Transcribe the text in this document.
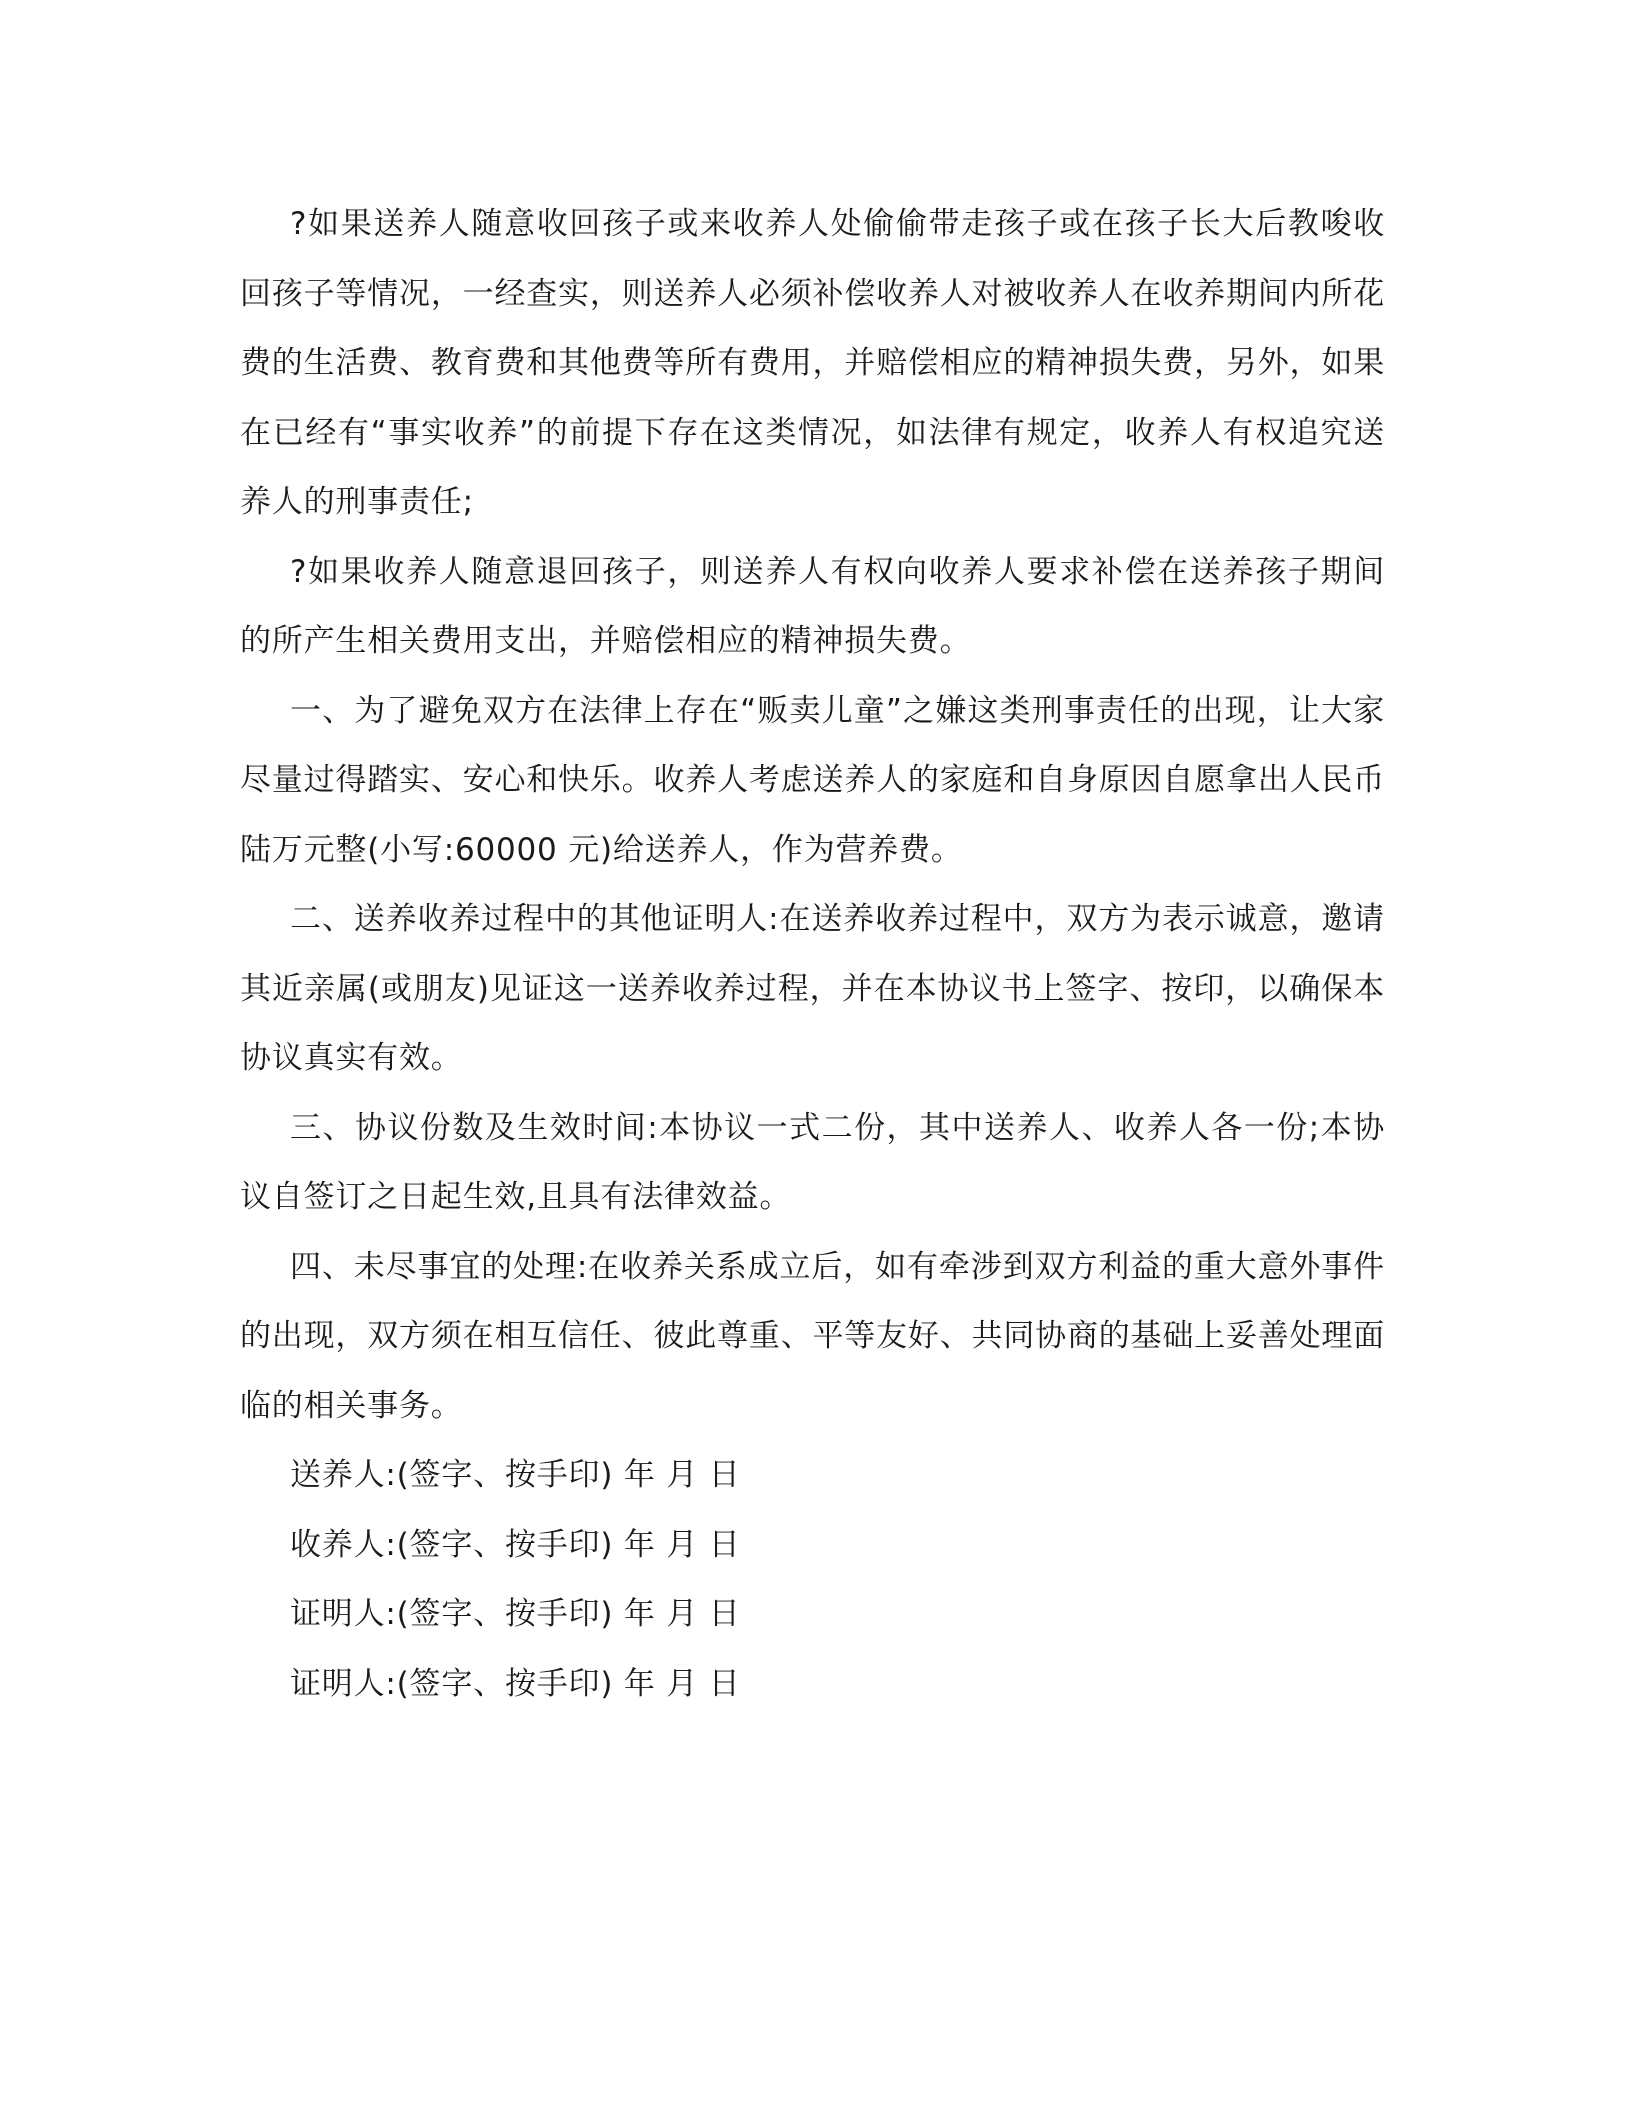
?如果送养人随意收回孩子或来收养人处偷偷带走孩子或在孩子长大后教唆收回孩子等情况，一经查实，则送养人必须补偿收养人对被收养人在收养期间内所花费的生活费、教育费和其他费等所有费用，并赔偿相应的精神损失费，另外，如果在已经有“事实收养”的前提下存在这类情况，如法律有规定，收养人有权追究送养人的刑事责任;

?如果收养人随意退回孩子，则送养人有权向收养人要求补偿在送养孩子期间的所产生相关费用支出，并赔偿相应的精神损失费。

一、为了避免双方在法律上存在“贩卖儿童”之嫌这类刑事责任的出现，让大家尽量过得踏实、安心和快乐。收养人考虑送养人的家庭和自身原因自愿拿出人民币陆万元整(小写:60000 元)给送养人，作为营养费。

二、送养收养过程中的其他证明人:在送养收养过程中，双方为表示诚意，邀请其近亲属(或朋友)见证这一送养收养过程，并在本协议书上签字、按印，以确保本协议真实有效。

三、协议份数及生效时间:本协议一式二份，其中送养人、收养人各一份;本协议自签订之日起生效,且具有法律效益。

四、未尽事宜的处理:在收养关系成立后，如有牵涉到双方利益的重大意外事件的出现，双方须在相互信任、彼此尊重、平等友好、共同协商的基础上妥善处理面临的相关事务。

送养人:(签字、按手印) 年 月 日

收养人:(签字、按手印) 年 月 日

证明人:(签字、按手印) 年 月 日

证明人:(签字、按手印) 年 月 日
